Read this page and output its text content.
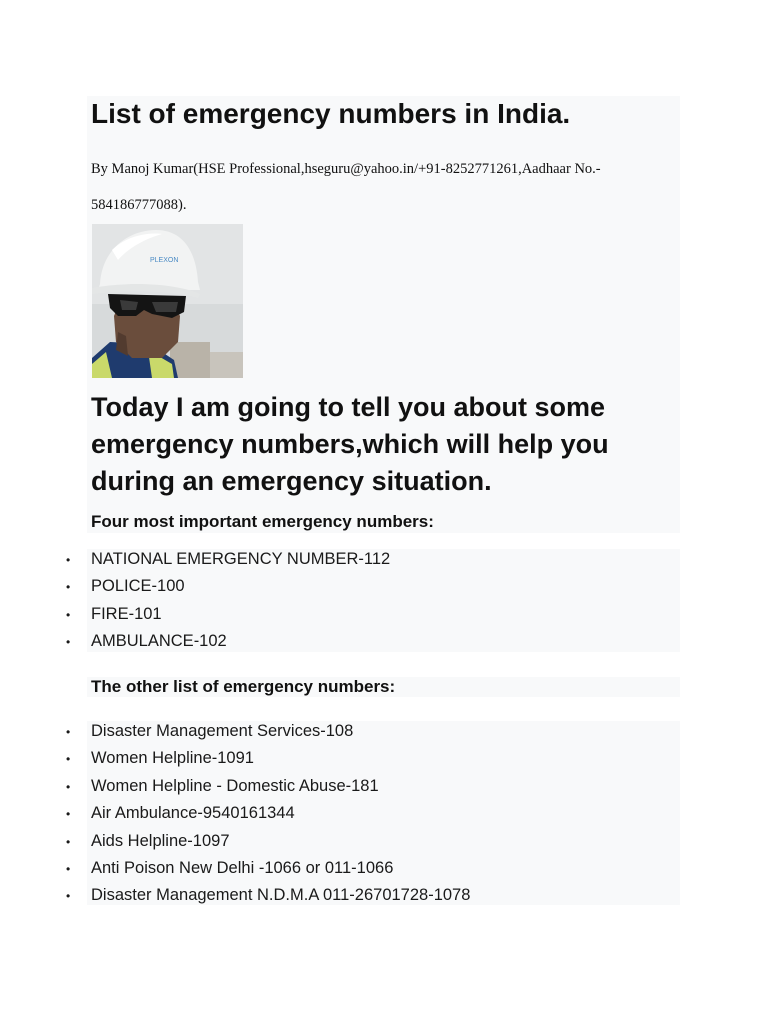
List of emergency numbers in India.

By Manoj Kumar(HSE Professional,hseguru@yahoo.in/+91-8252771261,Aadhaar No.-

584186777088).

PLEXON
Today I am going to tell you about some emergency numbers,which will help you during an emergency situation.
Four most important emergency numbers:
• NATIONAL EMERGENCY NUMBER-112
• POLICE-100
• FIRE-101
• AMBULANCE-102
The other list of emergency numbers:
• Disaster Management Services-108
• Women Helpline-1091
• Women Helpline - Domestic Abuse-181
• Air Ambulance-9540161344
• Aids Helpline-1097
• Anti Poison New Delhi -1066 or 011-1066
• Disaster Management N.D.M.A 011-26701728-1078
